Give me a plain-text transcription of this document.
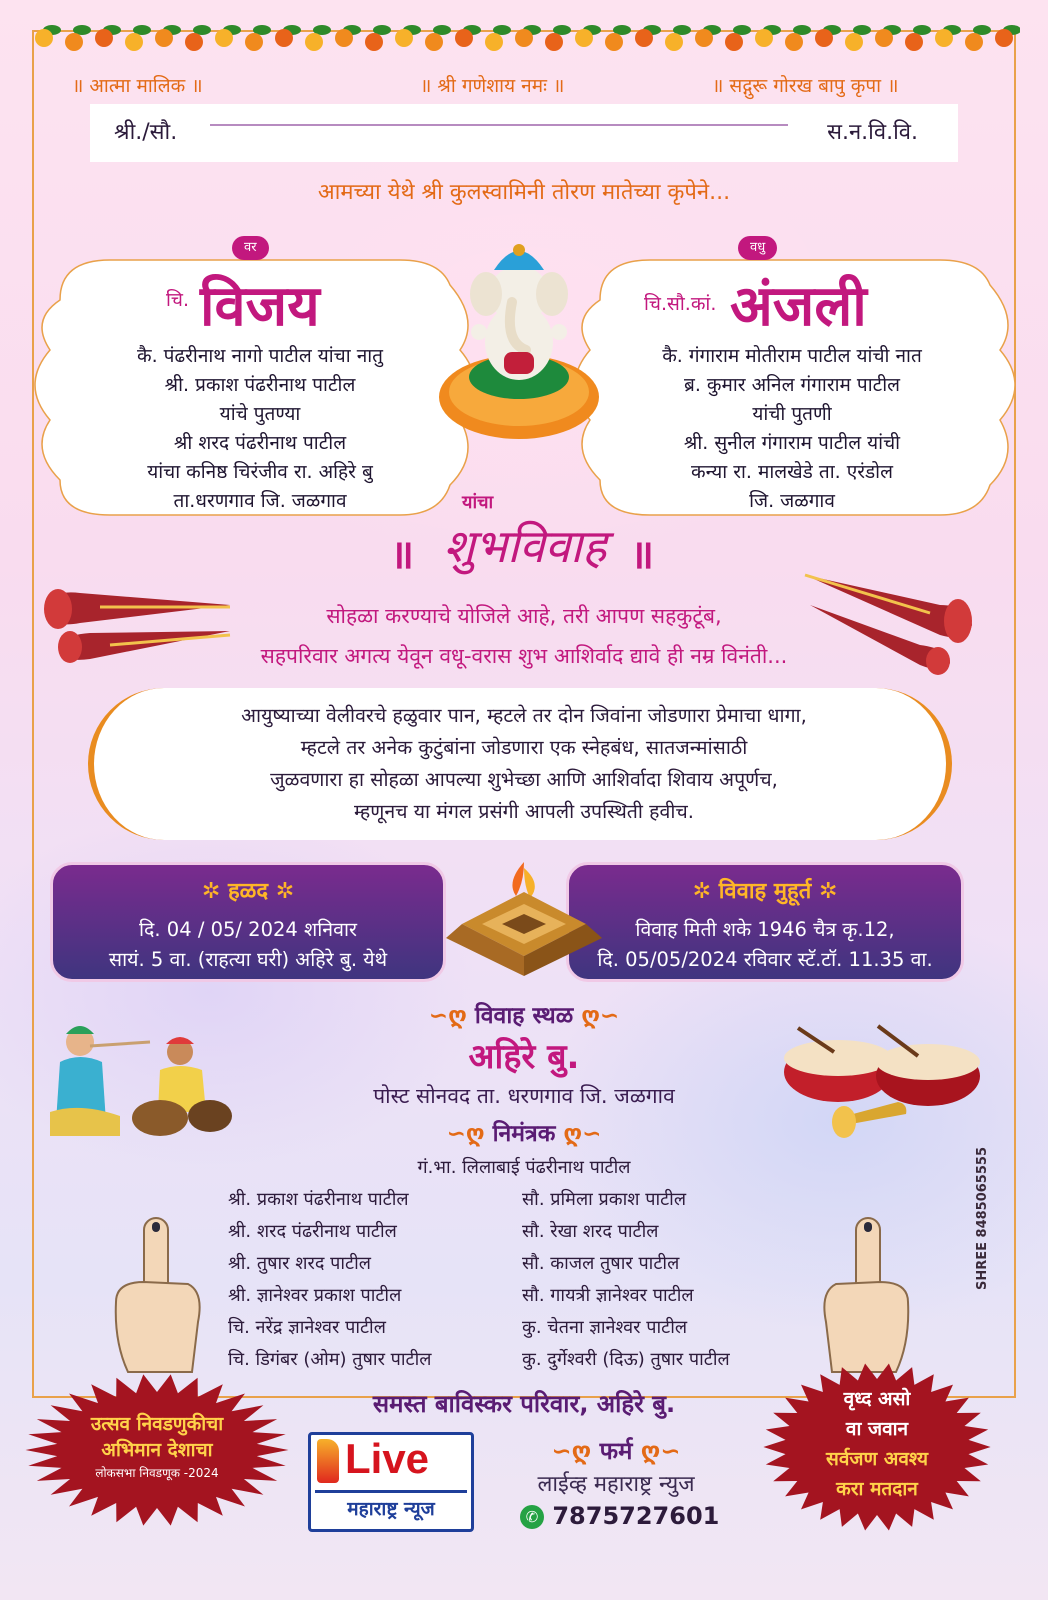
॥ आत्मा मालिक ॥	॥ श्री गणेशाय नमः ॥	॥ सद्गुरू गोरख बापु कृपा ॥
श्री./सौ.	स.न.वि.वि.
आमच्या येथे श्री कुलस्वामिनी तोरण मातेच्या कृपेने...
वर
चि. विजय
कै. पंढरीनाथ नागो पाटील यांचा नातु
श्री. प्रकाश पंढरीनाथ पाटील
यांचे पुतण्या
श्री शरद पंढरीनाथ पाटील
यांचा कनिष्ठ चिरंजीव रा. अहिरे बु
ता.धरणगाव जि. जळगाव
वधु
चि.सौ.कां. अंजली
कै. गंगाराम मोतीराम पाटील यांची नात
ब्र. कुमार अनिल गंगाराम पाटील
यांची पुतणी
श्री. सुनील गंगाराम पाटील यांची
कन्या रा. मालखेडे ता. एरंडोल
जि. जळगाव
यांचा
॥ शुभविवाह ॥
सोहळा करण्याचे योजिले आहे, तरी आपण सहकुटूंब,
सहपरिवार अगत्य येवून वधू-वरास शुभ आशिर्वाद द्यावे ही नम्र विनंती...
आयुष्याच्या वेलीवरचे हळुवार पान, म्हटले तर दोन जिवांना जोडणारा प्रेमाचा धागा,
म्हटले तर अनेक कुटुंबांना जोडणारा एक स्नेहबंध, सातजन्मांसाठी
जुळवणारा हा सोहळा आपल्या शुभेच्छा आणि आशिर्वादा शिवाय अपूर्णच,
म्हणूनच या मंगल प्रसंगी आपली उपस्थिती हवीच.
✲ हळद ✲
दि. 04 / 05/ 2024 शनिवार
सायं. 5 वा. (राहत्या घरी) अहिरे बु. येथे
✲ विवाह मुहूर्त ✲
विवाह मिती शके 1946 चैत्र कृ.12,
दि. 05/05/2024 रविवार स्टॅ.टॉ. 11.35 वा.
∽ღ विवाह स्थळ ღ∽
अहिरे बु.
पोस्ट सोनवद ता. धरणगाव जि. जळगाव
∽ღ निमंत्रक ღ∽
गं.भा. लिलाबाई पंढरीनाथ पाटील
श्री. प्रकाश पंढरीनाथ पाटील
श्री. शरद पंढरीनाथ पाटील
श्री. तुषार शरद पाटील
श्री. ज्ञानेश्वर प्रकाश पाटील
चि. नरेंद्र ज्ञानेश्वर पाटील
चि. डिगंबर (ओम) तुषार पाटील
सौ. प्रमिला प्रकाश पाटील
सौ. रेखा शरद पाटील
सौ. काजल तुषार पाटील
सौ. गायत्री ज्ञानेश्वर पाटील
कु. चेतना ज्ञानेश्वर पाटील
कु. दुर्गेश्वरी (दिऊ) तुषार पाटील
समस्त बाविस्कर परिवार, अहिरे बु.
उत्सव निवडणुकीचा
अभिमान देशाचा
लोकसभा निवडणूक -2024
वृध्द असो
वा जवान
सर्वजण अवश्य
करा मतदान
Live
महाराष्ट्र न्यूज
∽ღ फर्म ღ∽
लाईव्ह महाराष्ट्र न्युज
✆ 7875727601
SHREE 8485065555
